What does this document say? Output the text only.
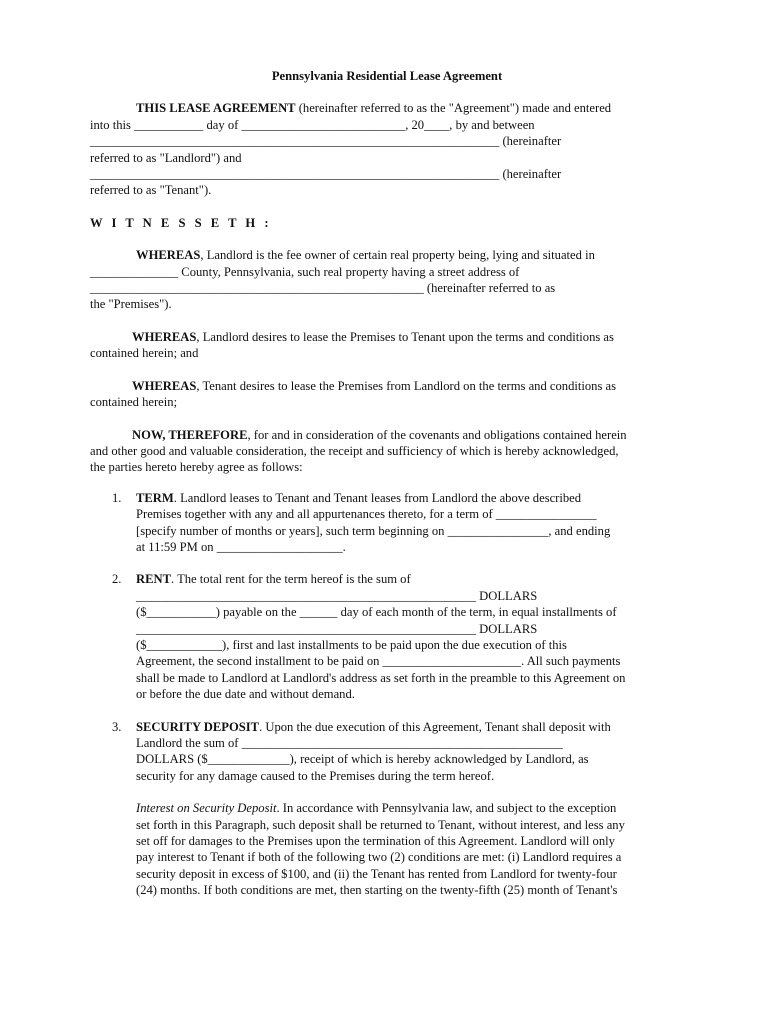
Pennsylvania Residential Lease Agreement
THIS LEASE AGREEMENT (hereinafter referred to as the "Agreement") made and entered
into this ___________ day of __________________________, 20____, by and between
_________________________________________________________________ (hereinafter
referred to as "Landlord") and
_________________________________________________________________ (hereinafter
referred to as "Tenant").
W I T N E S S E T H :
WHEREAS, Landlord is the fee owner of certain real property being, lying and situated in
______________ County, Pennsylvania, such real property having a street address of
_____________________________________________________ (hereinafter referred to as
the "Premises").
WHEREAS, Landlord desires to lease the Premises to Tenant upon the terms and conditions as
contained herein; and
WHEREAS, Tenant desires to lease the Premises from Landlord on the terms and conditions as
contained herein;
NOW, THEREFORE, for and in consideration of the covenants and obligations contained herein
and other good and valuable consideration, the receipt and sufficiency of which is hereby acknowledged,
the parties hereto hereby agree as follows:
1. TERM. Landlord leases to Tenant and Tenant leases from Landlord the above described
Premises together with any and all appurtenances thereto, for a term of ________________
[specify number of months or years], such term beginning on ________________, and ending
at 11:59 PM on ____________________.
2. RENT. The total rent for the term hereof is the sum of
______________________________________________________ DOLLARS
($___________) payable on the ______ day of each month of the term, in equal installments of
______________________________________________________ DOLLARS
($____________), first and last installments to be paid upon the due execution of this
Agreement, the second installment to be paid on ______________________. All such payments
shall be made to Landlord at Landlord's address as set forth in the preamble to this Agreement on
or before the due date and without demand.
3. SECURITY DEPOSIT. Upon the due execution of this Agreement, Tenant shall deposit with
Landlord the sum of ___________________________________________________
DOLLARS ($_____________), receipt of which is hereby acknowledged by Landlord, as
security for any damage caused to the Premises during the term hereof.
Interest on Security Deposit. In accordance with Pennsylvania law, and subject to the exception
set forth in this Paragraph, such deposit shall be returned to Tenant, without interest, and less any
set off for damages to the Premises upon the termination of this Agreement. Landlord will only
pay interest to Tenant if both of the following two (2) conditions are met: (i) Landlord requires a
security deposit in excess of $100, and (ii) the Tenant has rented from Landlord for twenty-four
(24) months. If both conditions are met, then starting on the twenty-fifth (25) month of Tenant's
